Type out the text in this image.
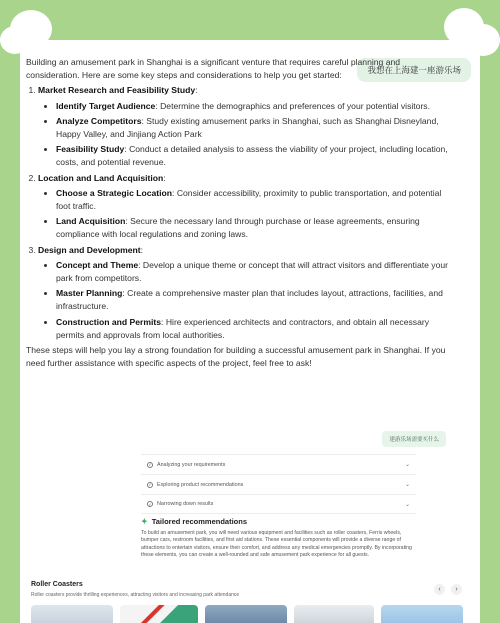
我想在上海建一座游乐场
建游乐场需要买什么
✓ Analyzing your requirements	⌄
✓ Exploring product recommendations	⌄
✓ Narrowing down results	⌄
✦ Tailored recommendations
To build an amusement park, you will need various equipment and facilities such as roller coasters, Ferris wheels, bumper cars, restroom facilities, and first aid stations. These essential components will provide a diverse range of attractions to entertain visitors, ensure their comfort, and address any medical emergencies promptly. By incorporating these elements, you can create a well-rounded and safe amusement park experience for all guests.
Roller Coasters
Roller coasters provide thrilling experiences, attracting visitors and increasing park attendance
‹	›

Building an amusement park in Shanghai is a significant venture that requires careful planning and consideration. Here are some key steps and considerations to help you get started:

1. Market Research and Feasibility Study:
• Identify Target Audience: Determine the demographics and preferences of your potential visitors.
• Analyze Competitors: Study existing amusement parks in Shanghai, such as Shanghai Disneyland, Happy Valley, and Jinjiang Action Park
• Feasibility Study: Conduct a detailed analysis to assess the viability of your project, including location, costs, and potential revenue.
2. Location and Land Acquisition:
• Choose a Strategic Location: Consider accessibility, proximity to public transportation, and potential foot traffic.
• Land Acquisition: Secure the necessary land through purchase or lease agreements, ensuring compliance with local regulations and zoning laws.
3. Design and Development:
• Concept and Theme: Develop a unique theme or concept that will attract visitors and differentiate your park from competitors.
• Master Planning: Create a comprehensive master plan that includes layout, attractions, facilities, and infrastructure.
• Construction and Permits: Hire experienced architects and contractors, and obtain all necessary permits and approvals from local authorities.

These steps will help you lay a strong foundation for building a successful amusement park in Shanghai. If you need further assistance with specific aspects of the project, feel free to ask!
